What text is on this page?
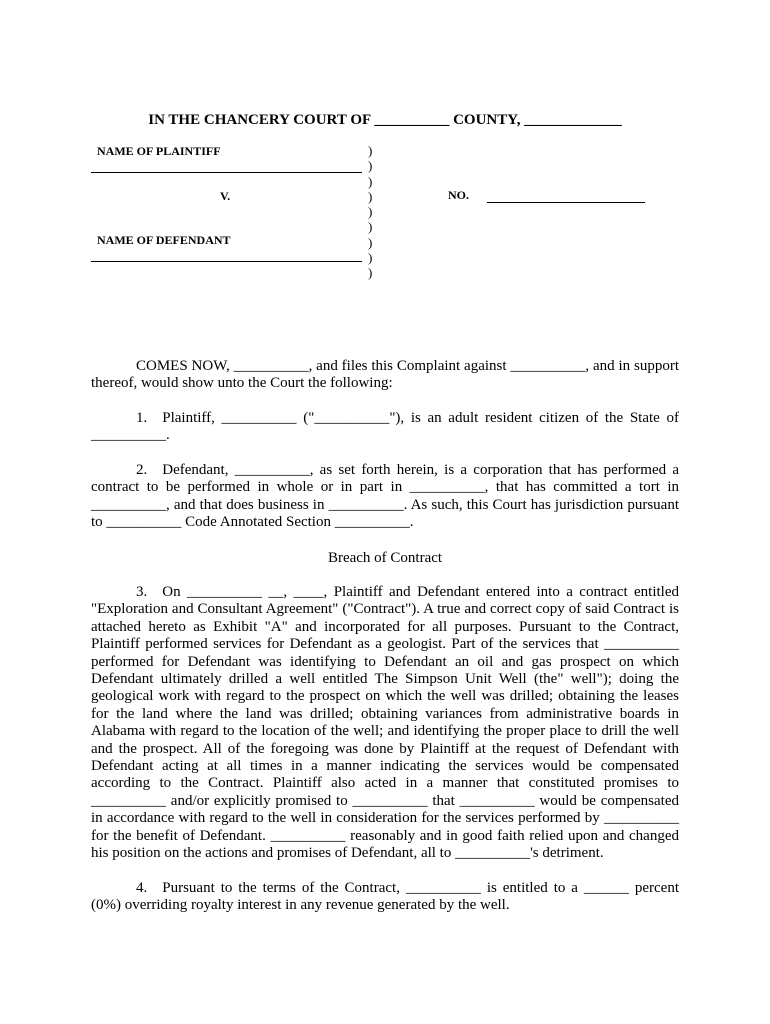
IN THE CHANCERY COURT OF __________ COUNTY, _____________
NAME OF PLAINTIFF
V.
NAME OF DEFENDANT
)
)
)
)
)
)
)
)
)
NO.

COMES NOW, __________, and files this Complaint against __________, and in support thereof, would show unto the Court the following:

1. Plaintiff, __________ ("__________"), is an adult resident citizen of the State of __________.

2. Defendant, __________, as set forth herein, is a corporation that has performed a contract to be performed in whole or in part in __________, that has committed a tort in __________, and that does business in __________. As such, this Court has jurisdiction pursuant to __________ Code Annotated Section __________.

Breach of Contract

3. On __________ __, ____, Plaintiff and Defendant entered into a contract entitled "Exploration and Consultant Agreement" ("Contract"). A true and correct copy of said Contract is attached hereto as Exhibit "A" and incorporated for all purposes. Pursuant to the Contract, Plaintiff performed services for Defendant as a geologist. Part of the services that __________ performed for Defendant was identifying to Defendant an oil and gas prospect on which Defendant ultimately drilled a well entitled The Simpson Unit Well (the" well"); doing the geological work with regard to the prospect on which the well was drilled; obtaining the leases for the land where the land was drilled; obtaining variances from administrative boards in Alabama with regard to the location of the well; and identifying the proper place to drill the well and the prospect. All of the foregoing was done by Plaintiff at the request of Defendant with Defendant acting at all times in a manner indicating the services would be compensated according to the Contract. Plaintiff also acted in a manner that constituted promises to __________ and/or explicitly promised to __________ that __________ would be compensated in accordance with regard to the well in consideration for the services performed by __________ for the benefit of Defendant. __________ reasonably and in good faith relied upon and changed his position on the actions and promises of Defendant, all to __________'s detriment.

4. Pursuant to the terms of the Contract, __________ is entitled to a ______ percent (0%) overriding royalty interest in any revenue generated by the well.
